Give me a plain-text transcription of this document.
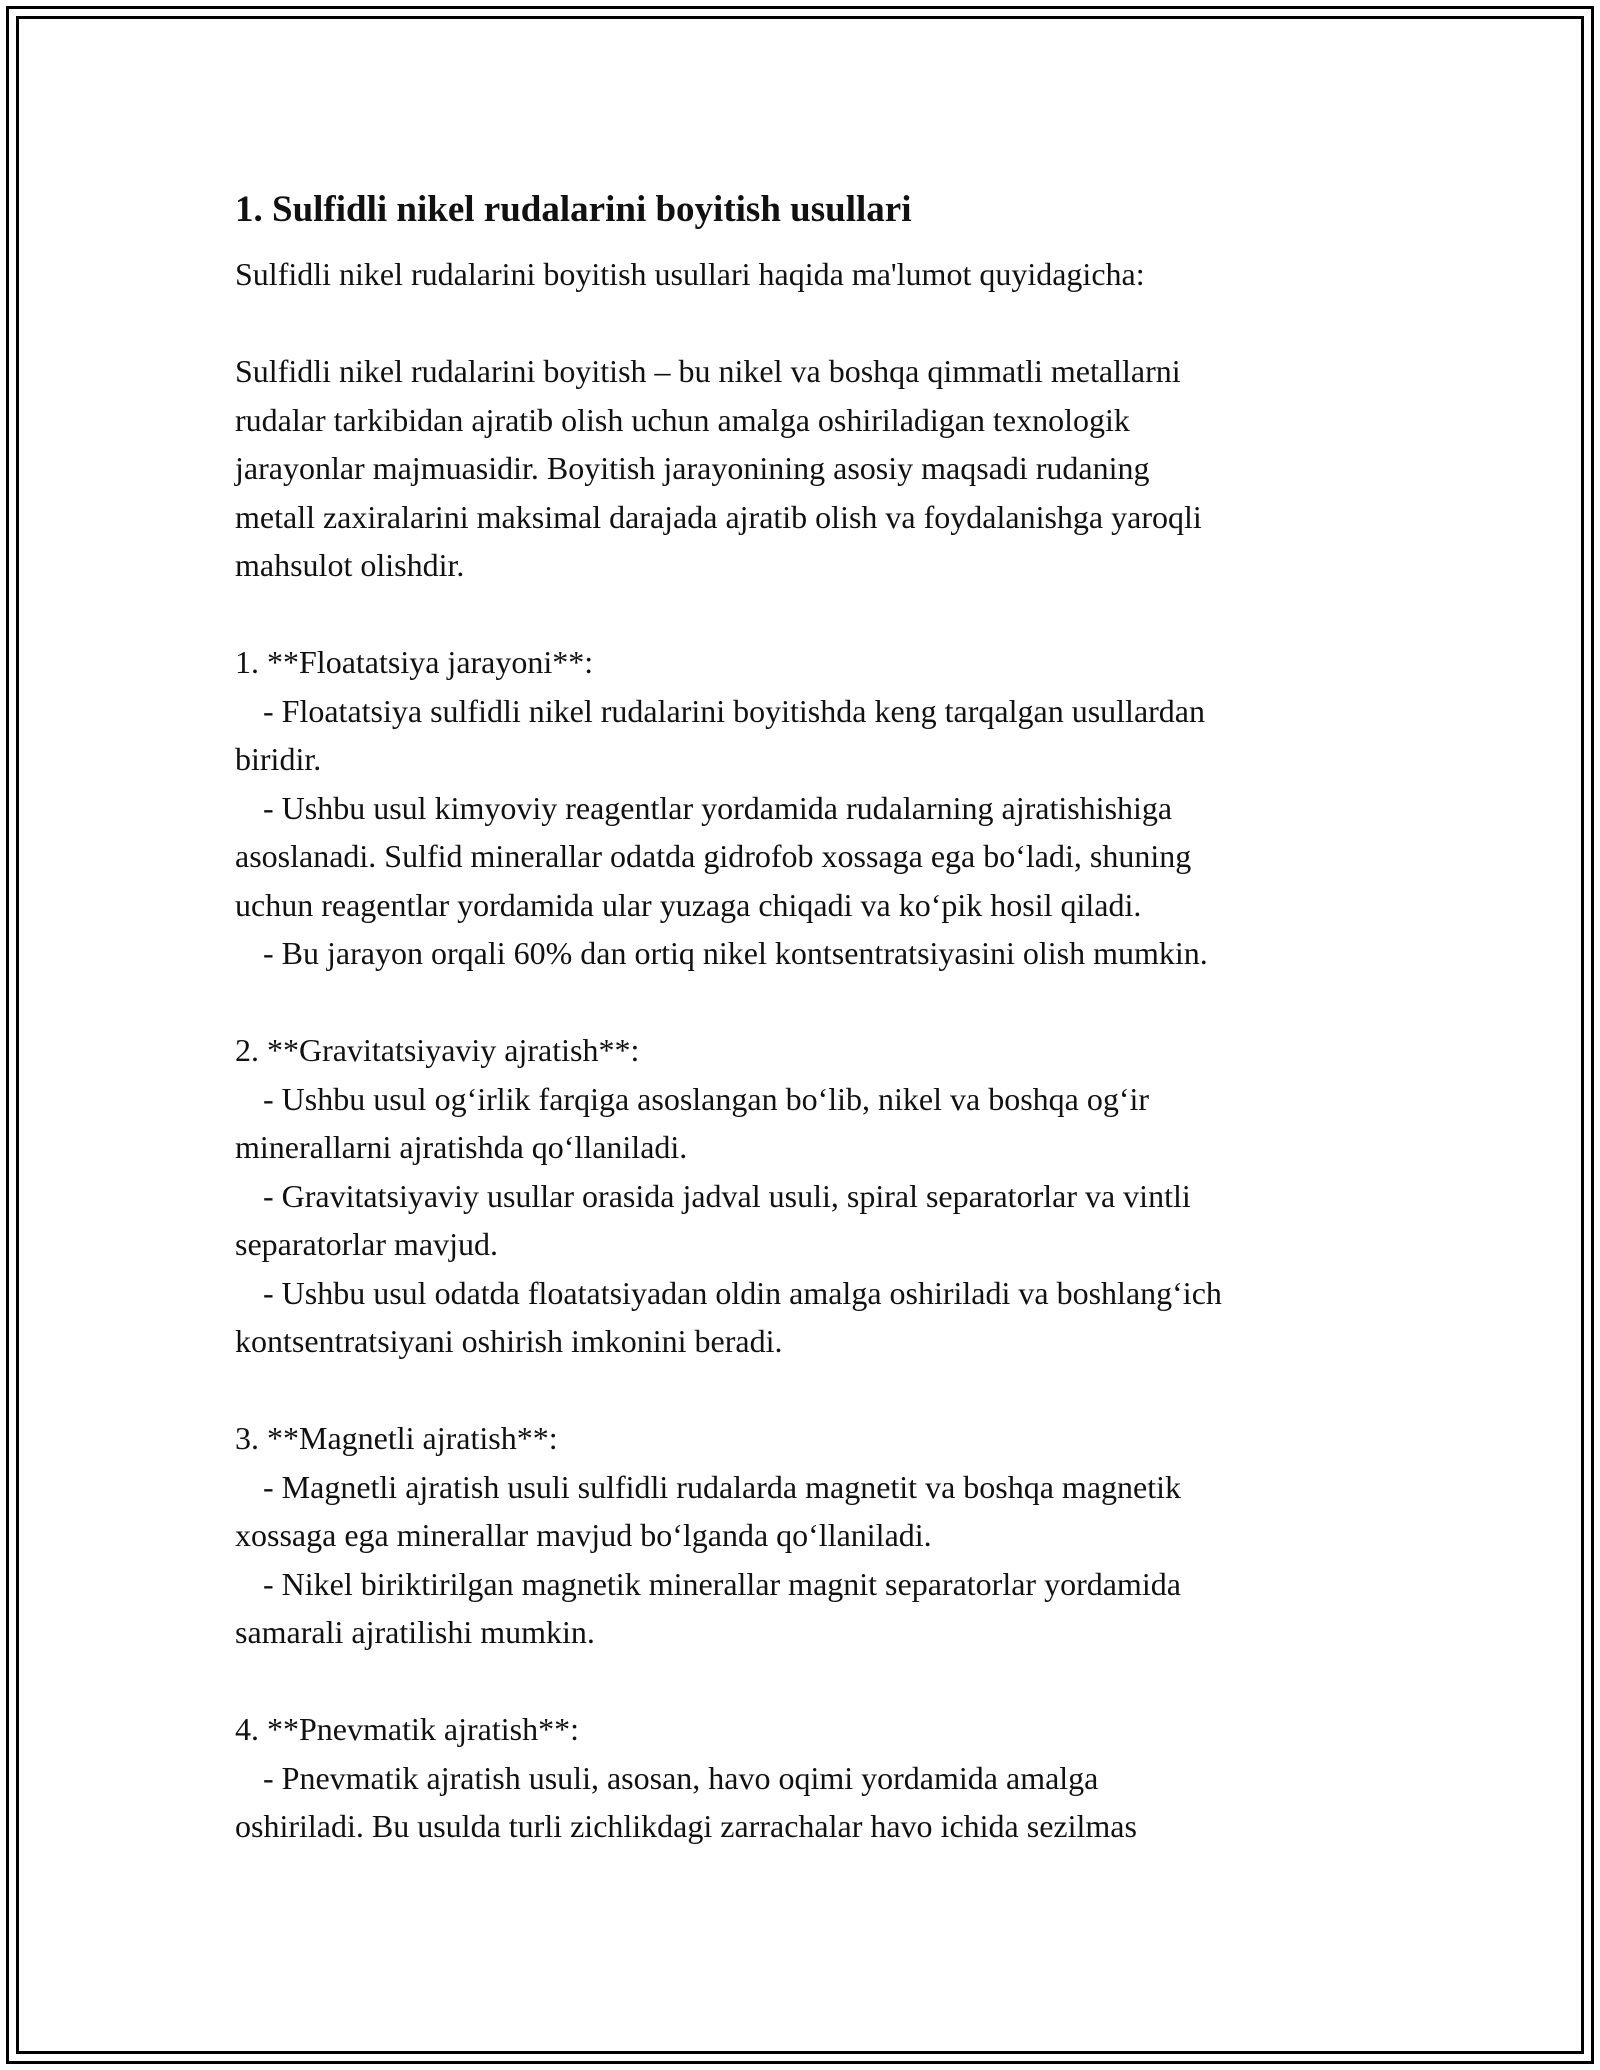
1. Sulfidli nikel rudalarini boyitish usullari

Sulfidli nikel rudalarini boyitish usullari haqida ma'lumot quyidagicha:

Sulfidli nikel rudalarini boyitish – bu nikel va boshqa qimmatli metallarni
rudalar tarkibidan ajratib olish uchun amalga oshiriladigan texnologik
jarayonlar majmuasidir. Boyitish jarayonining asosiy maqsadi rudaning
metall zaxiralarini maksimal darajada ajratib olish va foydalanishga yaroqli
mahsulot olishdir.
1. **Floatatsiya jarayoni**:
- Floatatsiya sulfidli nikel rudalarini boyitishda keng tarqalgan usullardan
biridir.
- Ushbu usul kimyoviy reagentlar yordamida rudalarning ajratishishiga
asoslanadi. Sulfid minerallar odatda gidrofob xossaga ega bo‘ladi, shuning
uchun reagentlar yordamida ular yuzaga chiqadi va ko‘pik hosil qiladi.
- Bu jarayon orqali 60% dan ortiq nikel kontsentratsiyasini olish mumkin.
2. **Gravitatsiyaviy ajratish**:
- Ushbu usul og‘irlik farqiga asoslangan bo‘lib, nikel va boshqa og‘ir
minerallarni ajratishda qo‘llaniladi.
- Gravitatsiyaviy usullar orasida jadval usuli, spiral separatorlar va vintli
separatorlar mavjud.
- Ushbu usul odatda floatatsiyadan oldin amalga oshiriladi va boshlang‘ich
kontsentratsiyani oshirish imkonini beradi.
3. **Magnetli ajratish**:
- Magnetli ajratish usuli sulfidli rudalarda magnetit va boshqa magnetik
xossaga ega minerallar mavjud bo‘lganda qo‘llaniladi.
- Nikel biriktirilgan magnetik minerallar magnit separatorlar yordamida
samarali ajratilishi mumkin.
4. **Pnevmatik ajratish**:
- Pnevmatik ajratish usuli, asosan, havo oqimi yordamida amalga
oshiriladi. Bu usulda turli zichlikdagi zarrachalar havo ichida sezilmas
